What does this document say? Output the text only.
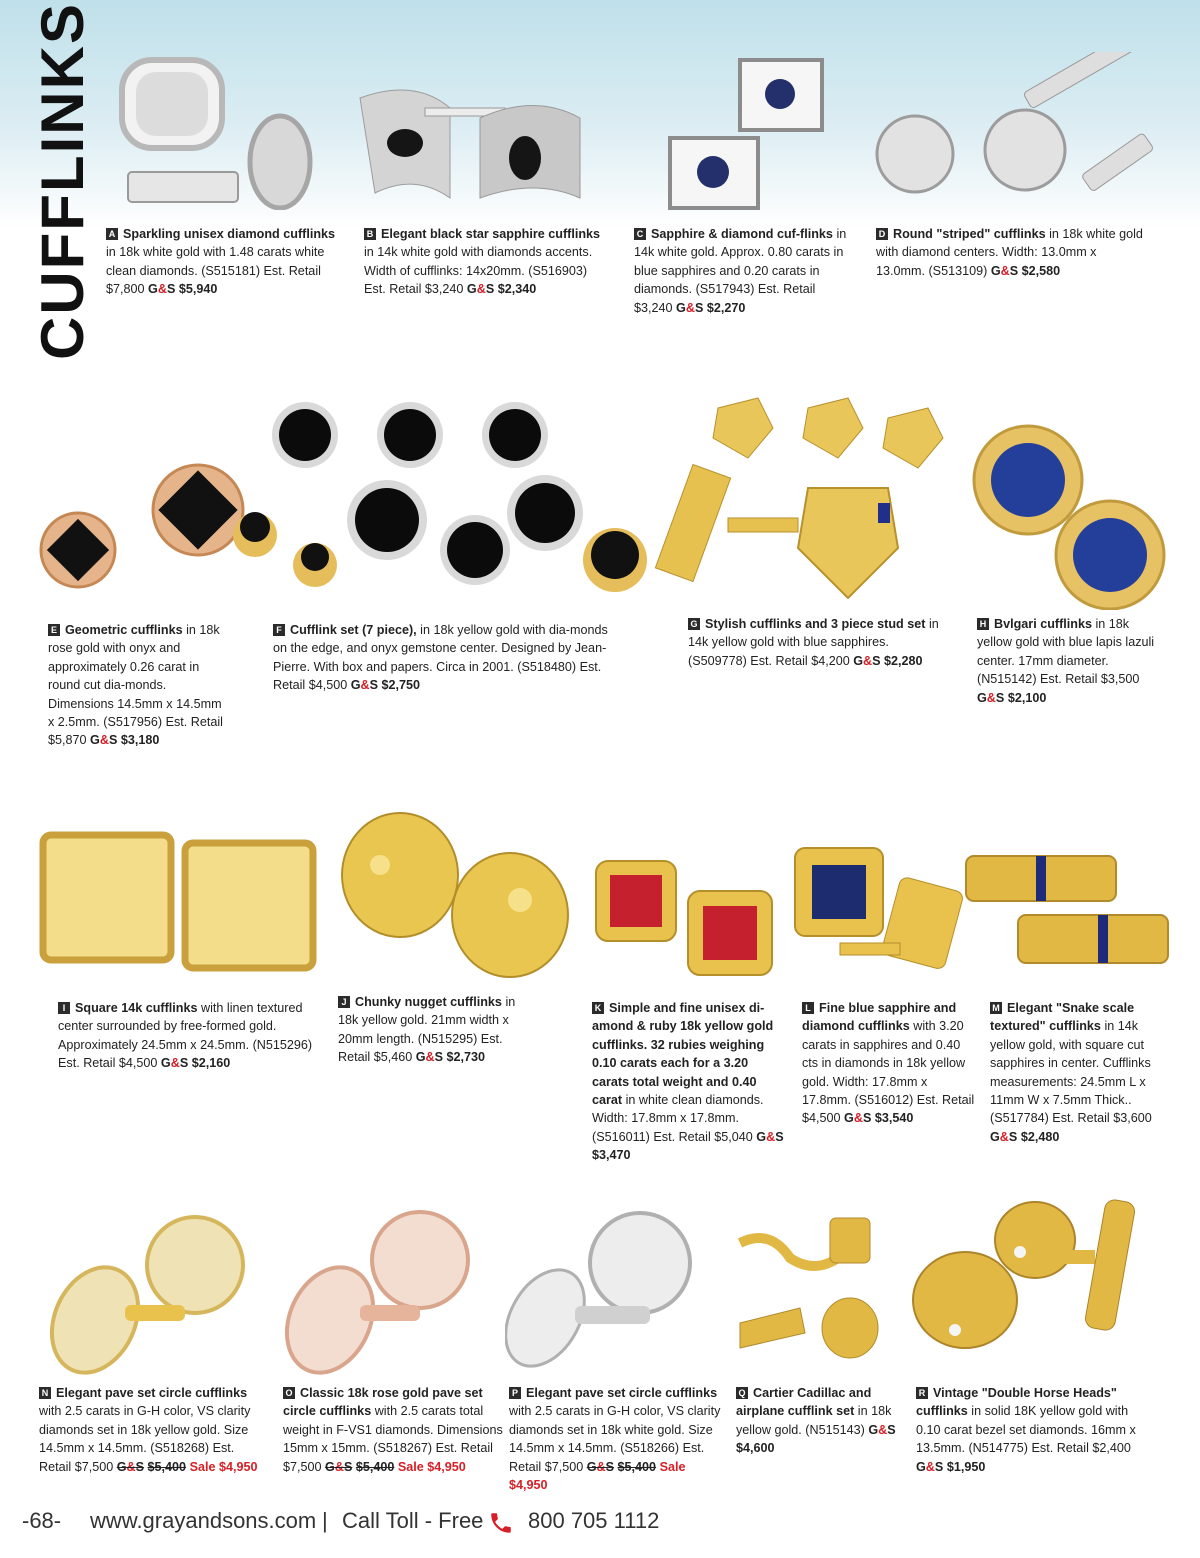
CUFFLINKS	A Sparkling unisex diamond cufflinks in 18k white gold with 1.48 carats white clean diamonds. (S515181) Est. Retail $7,800 G&S $5,940
B Elegant black star sapphire cufflinks in 14k white gold with diamonds accents. Width of cufflinks: 14x20mm. (S516903) Est. Retail $3,240 G&S $2,340
C Sapphire & diamond cuf-flinks in 14k white gold. Approx. 0.80 carats in blue sapphires and 0.20 carats in diamonds. (S517943) Est. Retail $3,240 G&S $2,270
D Round "striped" cufflinks in 18k white gold with diamond centers. Width: 13.0mm x 13.0mm. (S513109) G&S $2,580
E Geometric cufflinks in 18k rose gold with onyx and approximately 0.26 carat in round cut dia-monds. Dimensions 14.5mm x 14.5mm x 2.5mm. (S517956) Est. Retail $5,870 G&S $3,180
F Cufflink set (7 piece), in 18k yellow gold with dia-monds on the edge, and onyx gemstone center. Designed by Jean-Pierre. With box and papers. Circa in 2001. (S518480) Est. Retail $4,500 G&S $2,750
G Stylish cufflinks and 3 piece stud set in 14k yellow gold with blue sapphires. (S509778) Est. Retail $4,200 G&S $2,280
H Bvlgari cufflinks in 18k yellow gold with blue lapis lazuli center. 17mm diameter. (N515142) Est. Retail $3,500 G&S $2,100
I Square 14k cufflinks with linen textured center surrounded by free-formed gold. Approximately 24.5mm x 24.5mm. (N515296) Est. Retail $4,500 G&S $2,160
J Chunky nugget cufflinks in 18k yellow gold. 21mm width x 20mm length. (N515295) Est. Retail $5,460 G&S $2,730
K Simple and fine unisex di-amond & ruby 18k yellow gold cufflinks. 32 rubies weighing 0.10 carats each for a 3.20 carats total weight and 0.40 carat in white clean diamonds. Width: 17.8mm x 17.8mm. (S516011) Est. Retail $5,040 G&S $3,470
L Fine blue sapphire and diamond cufflinks with 3.20 carats in sapphires and 0.40 cts in diamonds in 18k yellow gold. Width: 17.8mm x 17.8mm. (S516012) Est. Retail $4,500 G&S $3,540
M Elegant "Snake scale textured" cufflinks in 14k yellow gold, with square cut sapphires in center. Cufflinks measurements: 24.5mm L x 11mm W x 7.5mm Thick.. (S517784) Est. Retail $3,600 G&S $2,480
N Elegant pave set circle cufflinks with 2.5 carats in G-H color, VS clarity diamonds set in 18k yellow gold. Size 14.5mm x 14.5mm. (S518268) Est. Retail $7,500 G&S $5,400 Sale $4,950
O Classic 18k rose gold pave set circle cufflinks with 2.5 carats total weight in F-VS1 diamonds. Dimensions 15mm x 15mm. (S518267) Est. Retail $7,500 G&S $5,400 Sale $4,950
P Elegant pave set circle cufflinks with 2.5 carats in G-H color, VS clarity diamonds set in 18k white gold. Size 14.5mm x 14.5mm. (S518266) Est. Retail $7,500 G&S $5,400 Sale $4,950
Q Cartier Cadillac and airplane cufflink set in 18k yellow gold. (N515143) G&S $4,600
R Vintage "Double Horse Heads" cufflinks in solid 18K yellow gold with 0.10 carat bezel set diamonds. 16mm x 13.5mm. (N514775) Est. Retail $2,400 G&S $1,950
-68- www.grayandsons.com | Call Toll - Free 800 705 1112
